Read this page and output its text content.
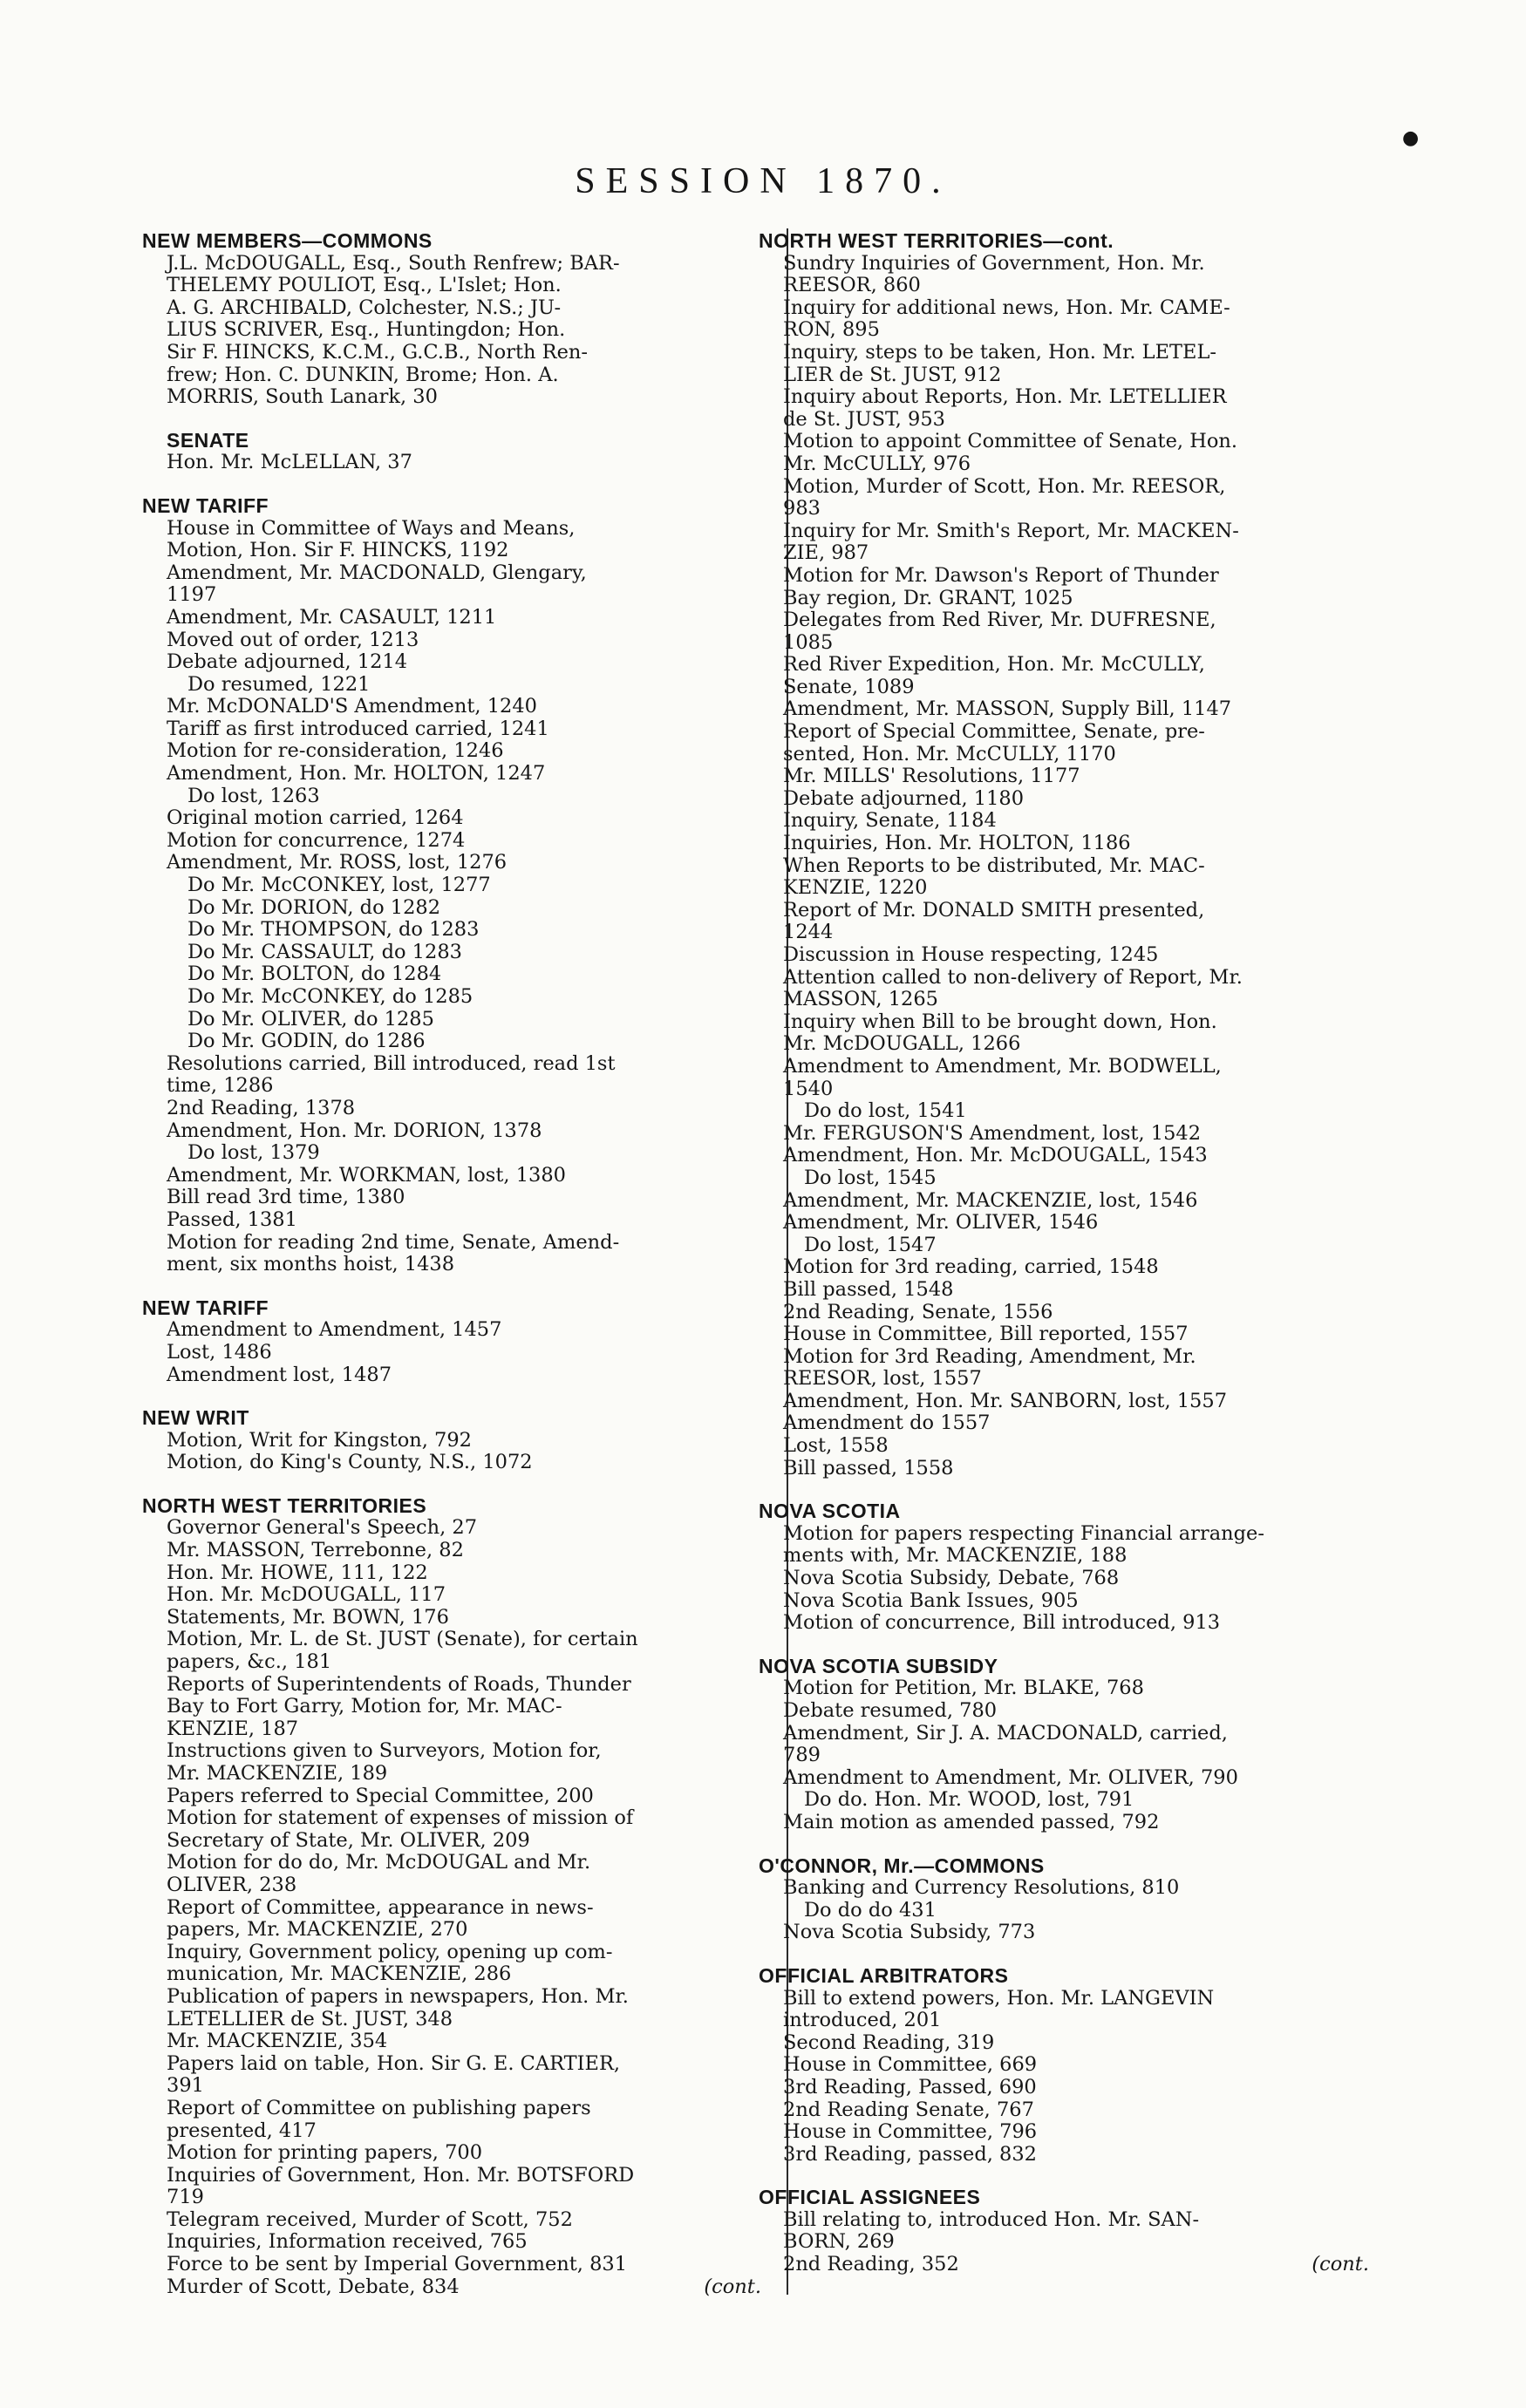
SESSION 1870.
●
NEW MEMBERS—COMMONS
J.L. McDOUGALL, Esq., South Renfrew; BAR-
THELEMY POULIOT, Esq., L'Islet; Hon.
A. G. ARCHIBALD, Colchester, N.S.; JU-
LIUS SCRIVER, Esq., Huntingdon; Hon.
Sir F. HINCKS, K.C.M., G.C.B., North Ren-
frew; Hon. C. DUNKIN, Brome; Hon. A.
MORRIS, South Lanark, 30
SENATE
Hon. Mr. McLELLAN, 37
NEW TARIFF
House in Committee of Ways and Means,
Motion, Hon. Sir F. HINCKS, 1192
Amendment, Mr. MACDONALD, Glengary,
1197
Amendment, Mr. CASAULT, 1211
Moved out of order, 1213
Debate adjourned, 1214
Do resumed, 1221
Mr. McDONALD'S Amendment, 1240
Tariff as first introduced carried, 1241
Motion for re-consideration, 1246
Amendment, Hon. Mr. HOLTON, 1247
Do lost, 1263
Original motion carried, 1264
Motion for concurrence, 1274
Amendment, Mr. ROSS, lost, 1276
Do Mr. McCONKEY, lost, 1277
Do Mr. DORION, do 1282
Do Mr. THOMPSON, do 1283
Do Mr. CASSAULT, do 1283
Do Mr. BOLTON, do 1284
Do Mr. McCONKEY, do 1285
Do Mr. OLIVER, do 1285
Do Mr. GODIN, do 1286
Resolutions carried, Bill introduced, read 1st
time, 1286
2nd Reading, 1378
Amendment, Hon. Mr. DORION, 1378
Do lost, 1379
Amendment, Mr. WORKMAN, lost, 1380
Bill read 3rd time, 1380
Passed, 1381
Motion for reading 2nd time, Senate, Amend-
ment, six months hoist, 1438
NEW TARIFF
Amendment to Amendment, 1457
Lost, 1486
Amendment lost, 1487
NEW WRIT
Motion, Writ for Kingston, 792
Motion, do King's County, N.S., 1072
NORTH WEST TERRITORIES
Governor General's Speech, 27
Mr. MASSON, Terrebonne, 82
Hon. Mr. HOWE, 111, 122
Hon. Mr. McDOUGALL, 117
Statements, Mr. BOWN, 176
Motion, Mr. L. de St. JUST (Senate), for certain
papers, &c., 181
Reports of Superintendents of Roads, Thunder
Bay to Fort Garry, Motion for, Mr. MAC-
KENZIE, 187
Instructions given to Surveyors, Motion for,
Mr. MACKENZIE, 189
Papers referred to Special Committee, 200
Motion for statement of expenses of mission of
Secretary of State, Mr. OLIVER, 209
Motion for do do, Mr. McDOUGAL and Mr.
OLIVER, 238
Report of Committee, appearance in news-
papers, Mr. MACKENZIE, 270
Inquiry, Government policy, opening up com-
munication, Mr. MACKENZIE, 286
Publication of papers in newspapers, Hon. Mr.
LETELLIER de St. JUST, 348
Mr. MACKENZIE, 354
Papers laid on table, Hon. Sir G. E. CARTIER,
391
Report of Committee on publishing papers
presented, 417
Motion for printing papers, 700
Inquiries of Government, Hon. Mr. BOTSFORD
719
Telegram received, Murder of Scott, 752
Inquiries, Information received, 765
Force to be sent by Imperial Government, 831
Murder of Scott, Debate, 834	(cont.
NORTH WEST TERRITORIES—cont.
Sundry Inquiries of Government, Hon. Mr.
REESOR, 860
Inquiry for additional news, Hon. Mr. CAME-
RON, 895
Inquiry, steps to be taken, Hon. Mr. LETEL-
LIER de St. JUST, 912
Inquiry about Reports, Hon. Mr. LETELLIER
de St. JUST, 953
Motion to appoint Committee of Senate, Hon.
Mr. McCULLY, 976
Motion, Murder of Scott, Hon. Mr. REESOR,
983
Inquiry for Mr. Smith's Report, Mr. MACKEN-
ZIE, 987
Motion for Mr. Dawson's Report of Thunder
Bay region, Dr. GRANT, 1025
Delegates from Red River, Mr. DUFRESNE,
1085
Red River Expedition, Hon. Mr. McCULLY,
Senate, 1089
Amendment, Mr. MASSON, Supply Bill, 1147
Report of Special Committee, Senate, pre-
sented, Hon. Mr. McCULLY, 1170
Mr. MILLS' Resolutions, 1177
Debate adjourned, 1180
Inquiry, Senate, 1184
Inquiries, Hon. Mr. HOLTON, 1186
When Reports to be distributed, Mr. MAC-
KENZIE, 1220
Report of Mr. DONALD SMITH presented,
1244
Discussion in House respecting, 1245
Attention called to non-delivery of Report, Mr.
MASSON, 1265
Inquiry when Bill to be brought down, Hon.
Mr. McDOUGALL, 1266
Amendment to Amendment, Mr. BODWELL,
1540
Do do lost, 1541
Mr. FERGUSON'S Amendment, lost, 1542
Amendment, Hon. Mr. McDOUGALL, 1543
Do lost, 1545
Amendment, Mr. MACKENZIE, lost, 1546
Amendment, Mr. OLIVER, 1546
Do lost, 1547
Motion for 3rd reading, carried, 1548
Bill passed, 1548
2nd Reading, Senate, 1556
House in Committee, Bill reported, 1557
Motion for 3rd Reading, Amendment, Mr.
REESOR, lost, 1557
Amendment, Hon. Mr. SANBORN, lost, 1557
Amendment do 1557
Lost, 1558
Bill passed, 1558
NOVA SCOTIA
Motion for papers respecting Financial arrange-
ments with, Mr. MACKENZIE, 188
Nova Scotia Subsidy, Debate, 768
Nova Scotia Bank Issues, 905
Motion of concurrence, Bill introduced, 913
NOVA SCOTIA SUBSIDY
Motion for Petition, Mr. BLAKE, 768
Debate resumed, 780
Amendment, Sir J. A. MACDONALD, carried,
789
Amendment to Amendment, Mr. OLIVER, 790
Do do. Hon. Mr. WOOD, lost, 791
Main motion as amended passed, 792
O'CONNOR, Mr.—COMMONS
Banking and Currency Resolutions, 810
Do do do 431
Nova Scotia Subsidy, 773
OFFICIAL ARBITRATORS
Bill to extend powers, Hon. Mr. LANGEVIN
introduced, 201
Second Reading, 319
House in Committee, 669
3rd Reading, Passed, 690
2nd Reading Senate, 767
House in Committee, 796
3rd Reading, passed, 832
OFFICIAL ASSIGNEES
Bill relating to, introduced Hon. Mr. SAN-
BORN, 269
2nd Reading, 352	(cont.
